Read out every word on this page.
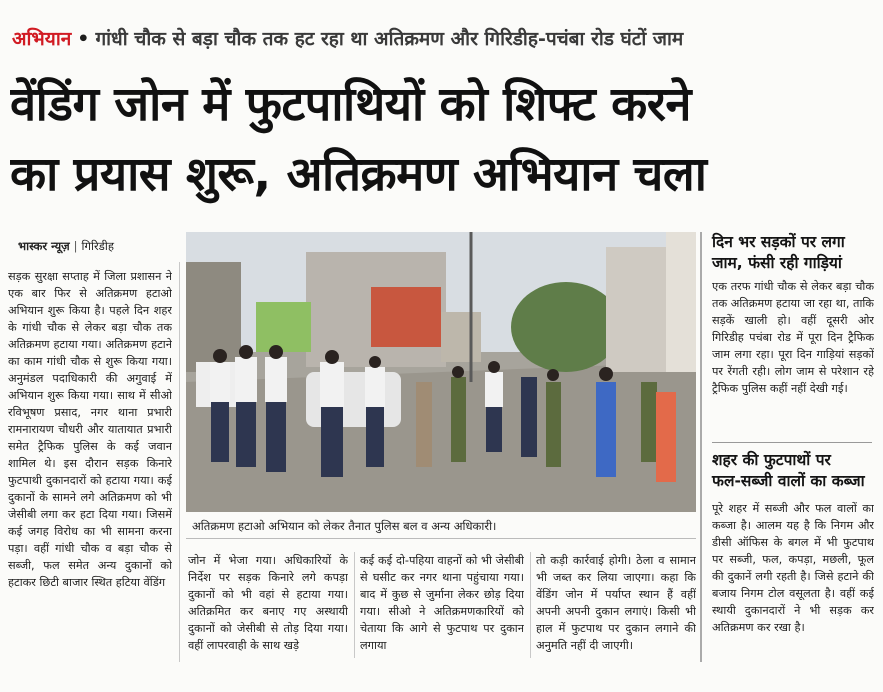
अभियान • गांधी चौक से बड़ा चौक तक हट रहा था अतिक्रमण और गिरिडीह-पचंबा रोड घंटों जाम
वेंडिंग जोन में फुटपाथियों को शिफ्ट करने
का प्रयास शुरू, अतिक्रमण अभियान चला
भास्कर न्यूज़ | गिरिडीह
सड़क सुरक्षा सप्ताह में जिला प्रशासन ने एक बार फिर से अतिक्रमण हटाओ अभियान शुरू किया है। पहले दिन शहर के गांधी चौक से लेकर बड़ा चौक तक अतिक्रमण हटाया गया। अतिक्रमण हटाने का काम गांधी चौक से शुरू किया गया। अनुमंडल पदाधिकारी की अगुवाई में अभियान शुरू किया गया। साथ में सीओ रविभूषण प्रसाद, नगर थाना प्रभारी रामनारायण चौधरी और यातायात प्रभारी समेत ट्रैफिक पुलिस के कई जवान शामिल थे। इस दौरान सड़क किनारे फुटपाथी दुकानदारों को हटाया गया। कई दुकानों के सामने लगे अतिक्रमण को भी जेसीबी लगा कर हटा दिया गया। जिसमें कई जगह विरोध का भी सामना करना पड़ा। वहीं गांधी चौक व बड़ा चौक से सब्जी, फल समेत अन्य दुकानों को हटाकर छिटी बाजार स्थित हटिया वेंडिंग
अतिक्रमण हटाओ अभियान को लेकर तैनात पुलिस बल व अन्य अधिकारी।
जोन में भेजा गया। अधिकारियों के निर्देश पर सड़क किनारे लगे कपड़ा दुकानों को भी वहां से हटाया गया। अतिक्रमित कर बनाए गए अस्थायी दुकानों को जेसीबी से तोड़ दिया गया। वहीं लापरवाही के साथ खड़े
कई कई दो-पहिया वाहनों को भी जेसीबी से घसीट कर नगर थाना पहुंचाया गया। बाद में कुछ से जुर्माना लेकर छोड़ दिया गया। सीओ ने अतिक्रमणकारियों को चेताया कि आगे से फुटपाथ पर दुकान लगाया
तो कड़ी कार्रवाई होगी। ठेला व सामान भी जब्त कर लिया जाएगा। कहा कि वेंडिंग जोन में पर्याप्त स्थान हैं वहीं अपनी अपनी दुकान लगाएं। किसी भी हाल में फुटपाथ पर दुकान लगाने की अनुमति नहीं दी जाएगी।
दिन भर सड़कों पर लगा
जाम, फंसी रही गाड़ियां
एक तरफ गांधी चौक से लेकर बड़ा चौक तक अतिक्रमण हटाया जा रहा था, ताकि सड़कें खाली हो। वहीं दूसरी ओर गिरिडीह पचंबा रोड में पूरा दिन ट्रैफिक जाम लगा रहा। पूरा दिन गाड़ियां सड़कों पर रेंगती रही। लोग जाम से परेशान रहे ट्रैफिक पुलिस कहीं नहीं देखी गई।
शहर की फुटपाथों पर
फल-सब्जी वालों का कब्जा
पूरे शहर में सब्जी और फल वालों का कब्जा है। आलम यह है कि निगम और डीसी ऑफिस के बगल में भी फुटपाथ पर सब्जी, फल, कपड़ा, मछली, फूल की दुकानें लगी रहती है। जिसे हटाने की बजाय निगम टोल वसूलता है। वहीं कई स्थायी दुकानदारों ने भी सड़क कर अतिक्रमण कर रखा है।
